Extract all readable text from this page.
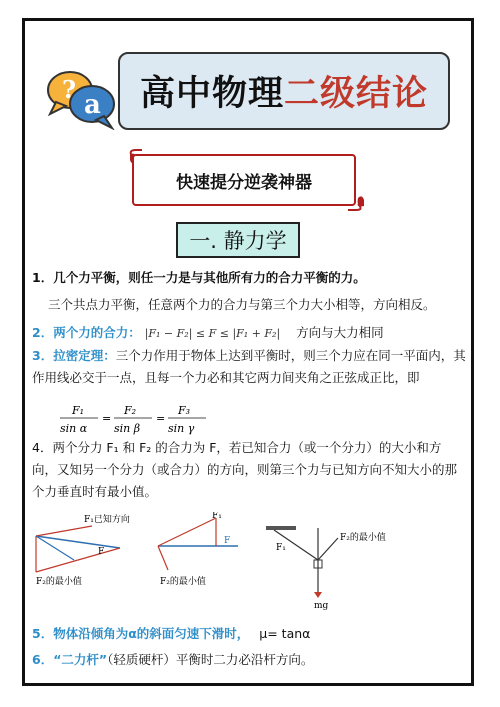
?
a 高中物理 二级结论
快速提分逆袭神器
一. 静力学
1．几个力平衡，则任一力是与其他所有力的合力平衡的力。
三个共点力平衡，任意两个力的合力与第三个力大小相等，方向相反。
2．两个力的合力： |F₁ − F₂| ≤ F ≤ |F₁ + F₂| 方向与大力相同
3．拉密定理：三个力作用于物体上达到平衡时，则三个力应在同一平面内，其作用线必交于一点，且每一个力必和其它两力间夹角之正弦成正比，即
F₁
sin α
=
F₂
sin β
=
F₃
sin γ
4．两个分力 F₁ 和 F₂ 的合力为 F，若已知合力（或一个分力）的大小和方向，又知另一个分力（或合力）的方向，则第三个力与已知方向不知大小的那个力垂直时有最小值。
F₁已知方向
F
F₂的最小值
F₁
F
F₂的最小值
F₂的最小值
F₁
mg
5．物体沿倾角为α的斜面匀速下滑时， μ= tanα
6．“二力杆”（轻质硬杆）平衡时二力必沿杆方向。
